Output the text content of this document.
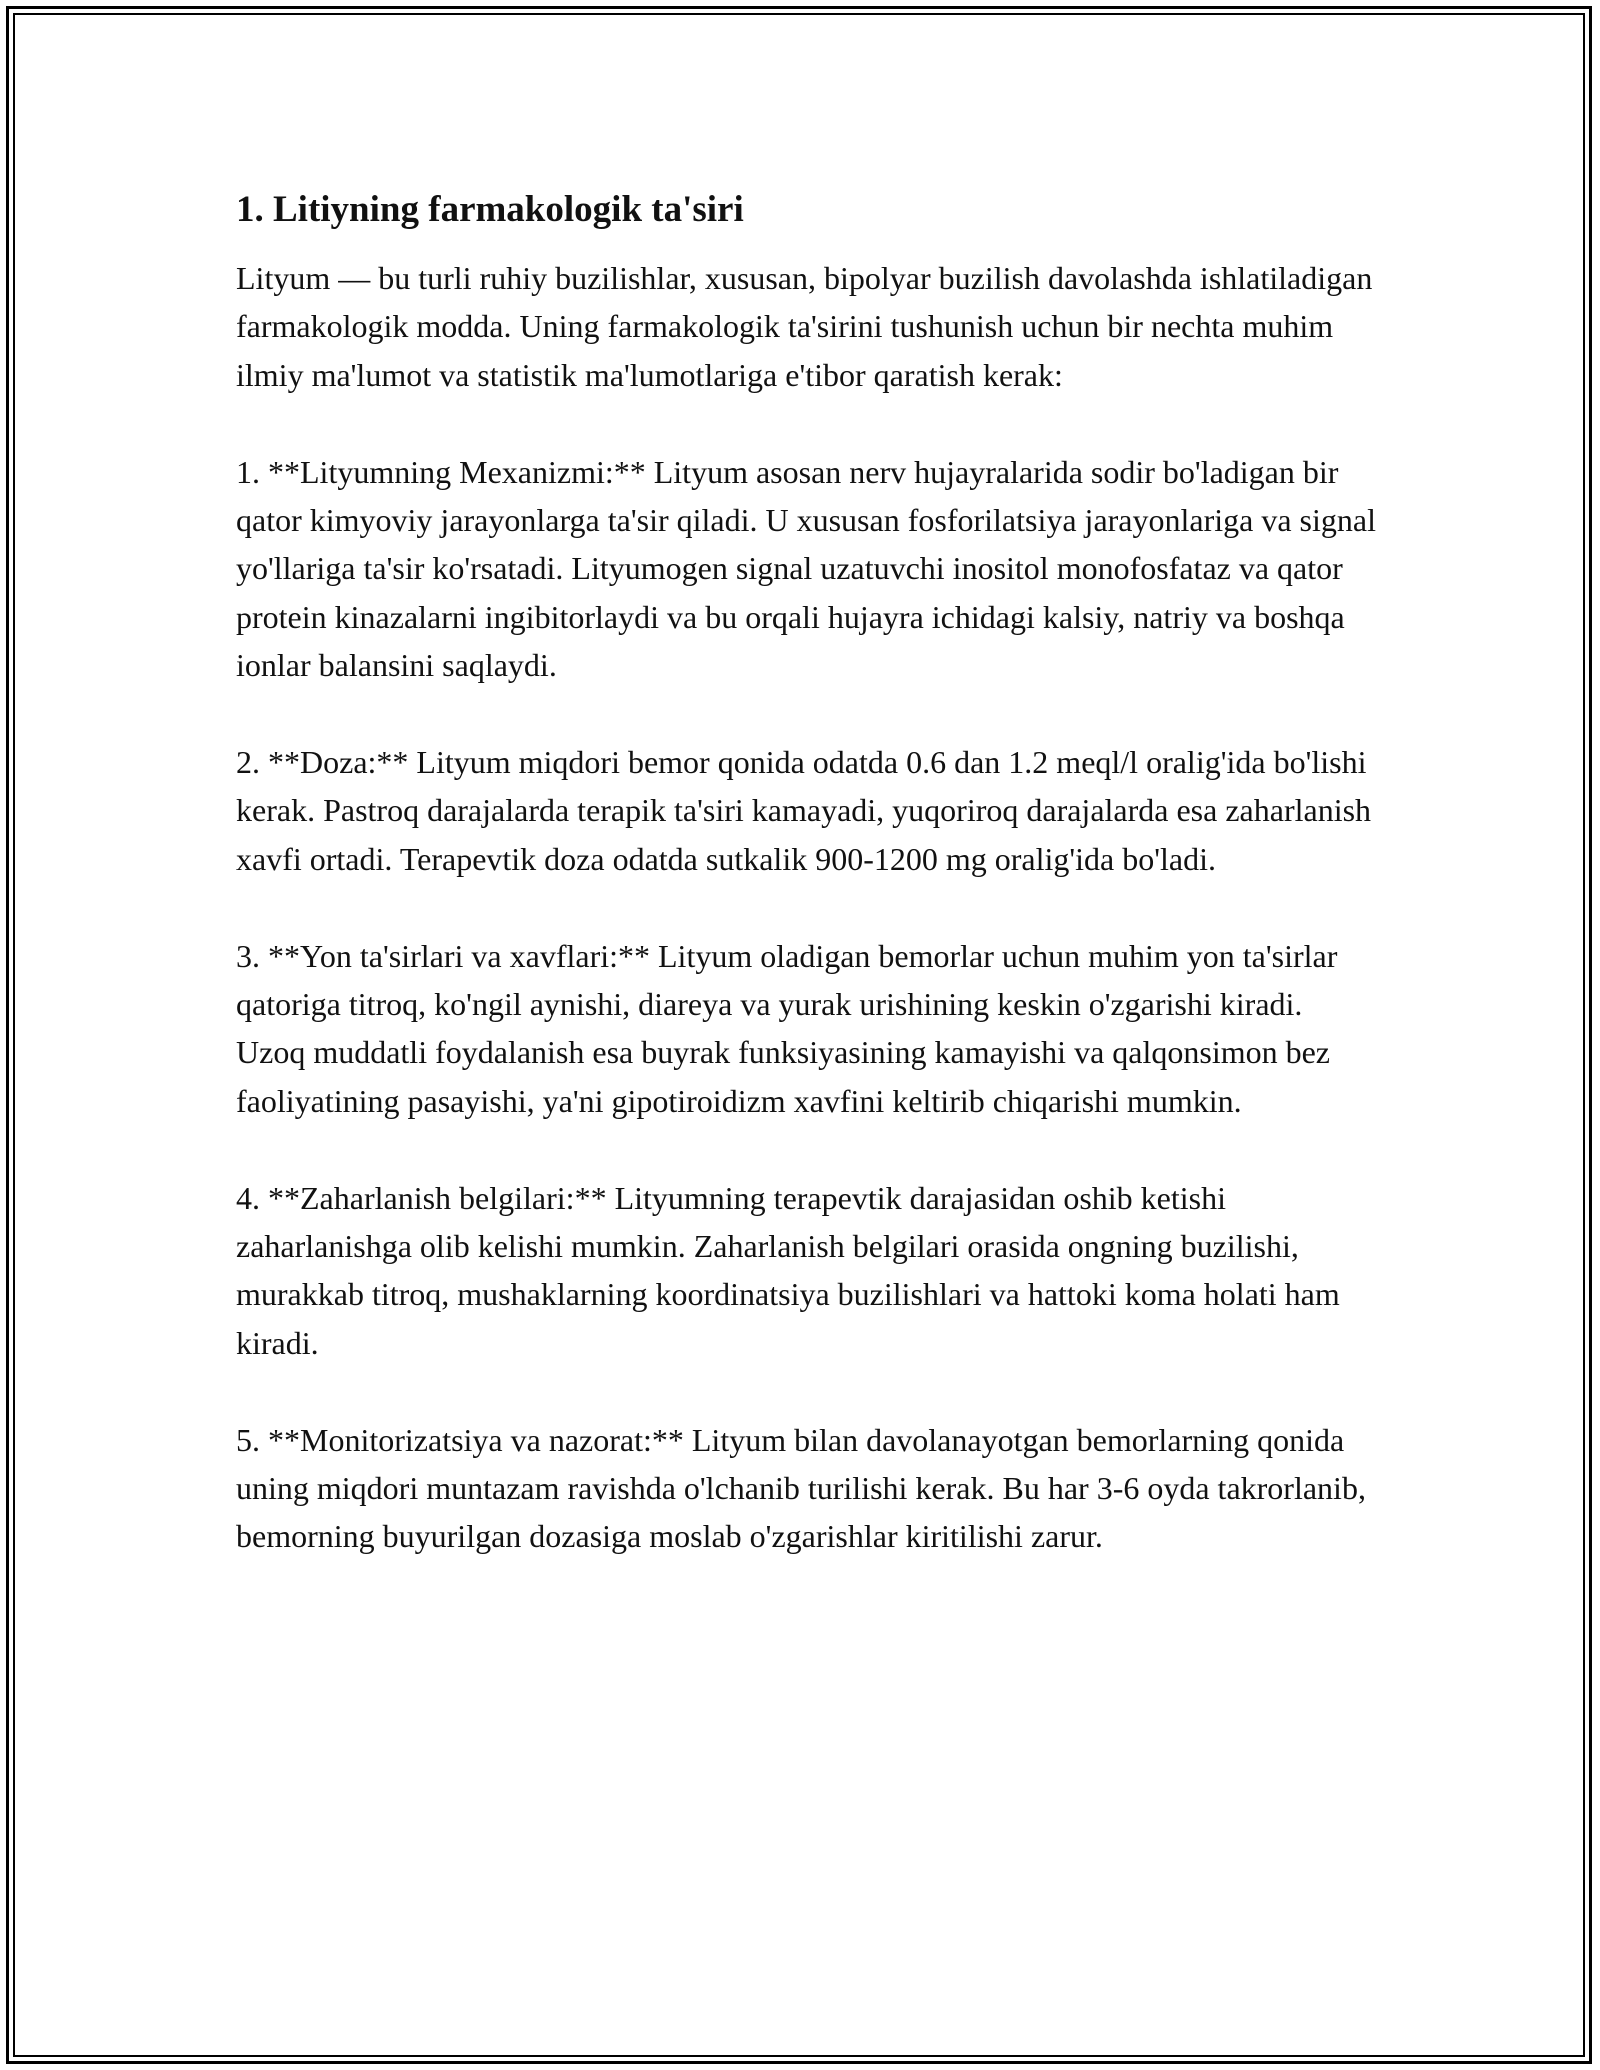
1. Litiyning farmakologik ta'siri

Lityum — bu turli ruhiy buzilishlar, xususan, bipolyar buzilish davolashda ishlatiladigan farmakologik modda. Uning farmakologik ta'sirini tushunish uchun bir nechta muhim ilmiy ma'lumot va statistik ma'lumotlariga e'tibor qaratish kerak:

1. **Lityumning Mexanizmi:** Lityum asosan nerv hujayralarida sodir bo'ladigan bir qator kimyoviy jarayonlarga ta'sir qiladi. U xususan fosforilatsiya jarayonlariga va signal yo'llariga ta'sir ko'rsatadi. Lityumogen signal uzatuvchi inositol monofosfataz va qator protein kinazalarni ingibitorlaydi va bu orqali hujayra ichidagi kalsiy, natriy va boshqa ionlar balansini saqlaydi.

2. **Doza:** Lityum miqdori bemor qonida odatda 0.6 dan 1.2 meql/l oralig'ida bo'lishi kerak. Pastroq darajalarda terapik ta'siri kamayadi, yuqoriroq darajalarda esa zaharlanish xavfi ortadi. Terapevtik doza odatda sutkalik 900-1200 mg oralig'ida bo'ladi.

3. **Yon ta'sirlari va xavflari:** Lityum oladigan bemorlar uchun muhim yon ta'sirlar qatoriga titroq, ko'ngil aynishi, diareya va yurak urishining keskin o'zgarishi kiradi. Uzoq muddatli foydalanish esa buyrak funksiyasining kamayishi va qalqonsimon bez faoliyatining pasayishi, ya'ni gipotiroidizm xavfini keltirib chiqarishi mumkin.

4. **Zaharlanish belgilari:** Lityumning terapevtik darajasidan oshib ketishi zaharlanishga olib kelishi mumkin. Zaharlanish belgilari orasida ongning buzilishi, murakkab titroq, mushaklarning koordinatsiya buzilishlari va hattoki koma holati ham kiradi.

5. **Monitorizatsiya va nazorat:** Lityum bilan davolanayotgan bemorlarning qonida uning miqdori muntazam ravishda o'lchanib turilishi kerak. Bu har 3-6 oyda takrorlanib, bemorning buyurilgan dozasiga moslab o'zgarishlar kiritilishi zarur.
